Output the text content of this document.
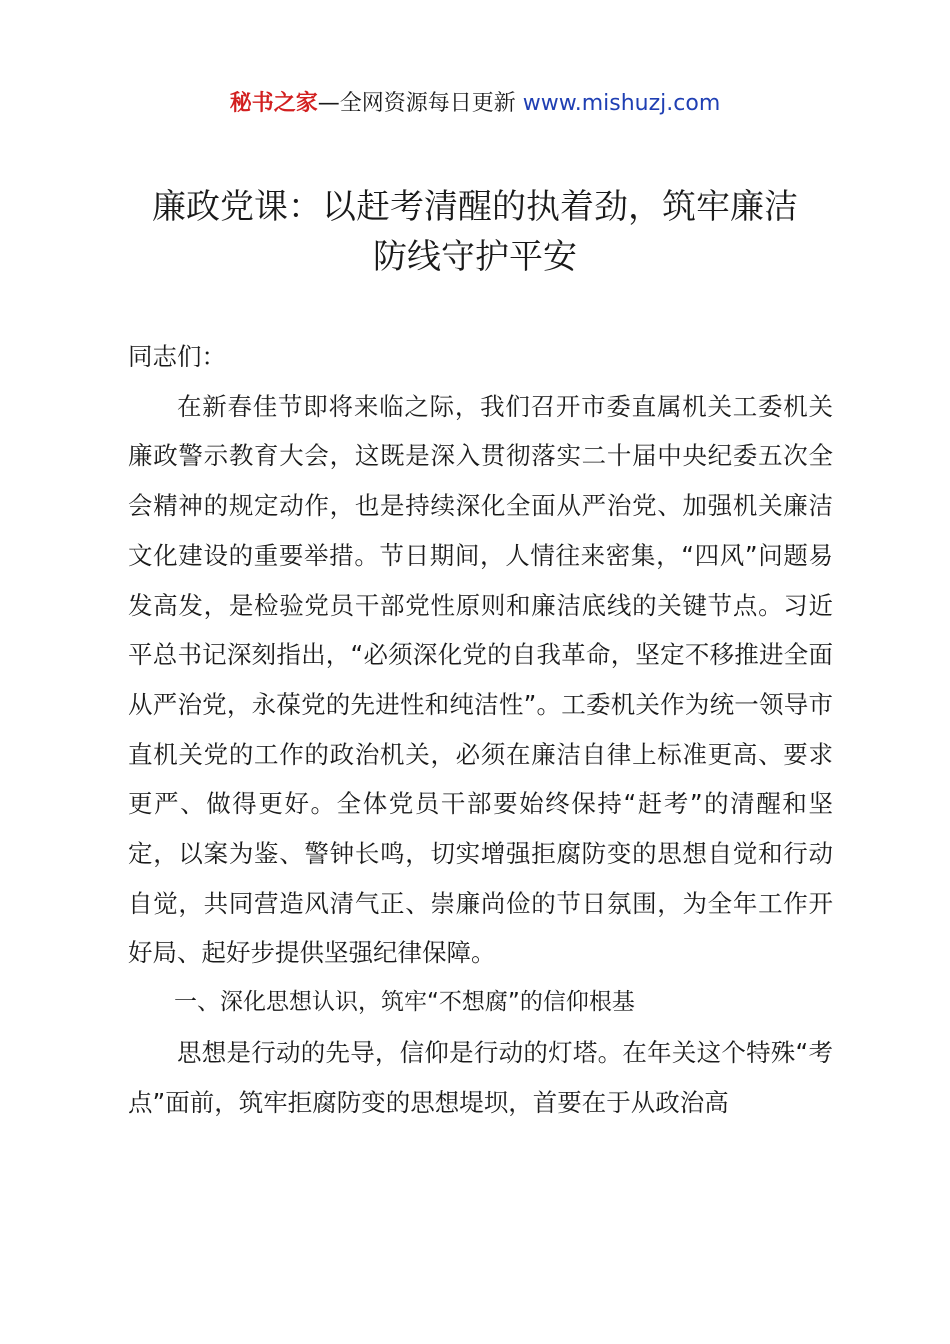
秘书之家—全网资源每日更新 www.mishuzj.com
廉政党课：以赶考清醒的执着劲，筑牢廉洁
防线守护平安

同志们：

在新春佳节即将来临之际，我们召开市委直属机关工委机关廉政警示教育大会，这既是深入贯彻落实二十届中央纪委五次全会精神的规定动作，也是持续深化全面从严治党、加强机关廉洁文化建设的重要举措。节日期间，人情往来密集，“四风”问题易发高发，是检验党员干部党性原则和廉洁底线的关键节点。习近平总书记深刻指出，“必须深化党的自我革命，坚定不移推进全面从严治党，永葆党的先进性和纯洁性”。工委机关作为统一领导市直机关党的工作的政治机关，必须在廉洁自律上标准更高、要求更严、做得更好。全体党员干部要始终保持“赶考”的清醒和坚定，以案为鉴、警钟长鸣，切实增强拒腐防变的思想自觉和行动自觉，共同营造风清气正、崇廉尚俭的节日氛围，为全年工作开好局、起好步提供坚强纪律保障。

一、深化思想认识，筑牢“不想腐”的信仰根基

思想是行动的先导，信仰是行动的灯塔。在年关这个特殊“考点”面前，筑牢拒腐防变的思想堤坝，首要在于从政治高
